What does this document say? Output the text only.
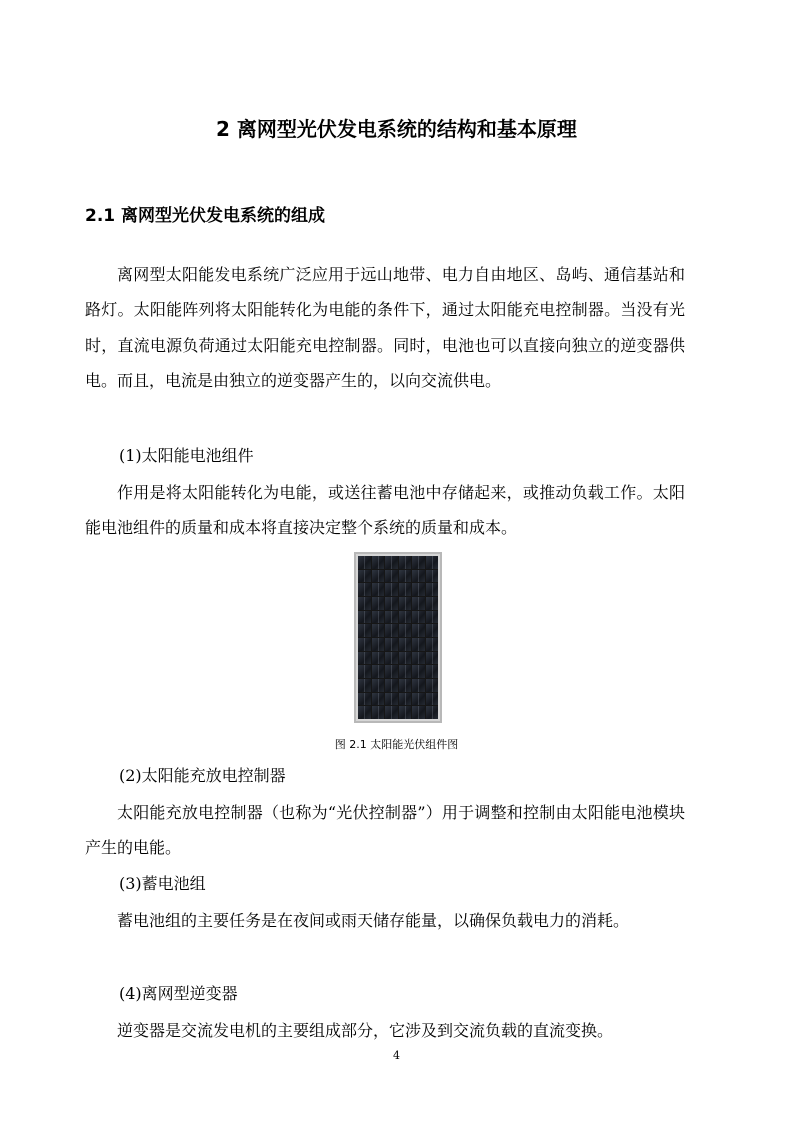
2 离网型光伏发电系统的结构和基本原理
2.1 离网型光伏发电系统的组成

离网型太阳能发电系统广泛应用于远山地带、电力自由地区、岛屿、通信基站和路灯。太阳能阵列将太阳能转化为电能的条件下，通过太阳能充电控制器。当没有光时，直流电源负荷通过太阳能充电控制器。同时，电池也可以直接向独立的逆变器供电。而且，电流是由独立的逆变器产生的，以向交流供电。

(1)太阳能电池组件

作用是将太阳能转化为电能，或送往蓄电池中存储起来，或推动负载工作。太阳能电池组件的质量和成本将直接决定整个系统的质量和成本。

图 2.1 太阳能光伏组件图

(2)太阳能充放电控制器

太阳能充放电控制器（也称为“光伏控制器”）用于调整和控制由太阳能电池模块产生的电能。

(3)蓄电池组

蓄电池组的主要任务是在夜间或雨天储存能量，以确保负载电力的消耗。

(4)离网型逆变器

逆变器是交流发电机的主要组成部分，它涉及到交流负载的直流变换。

4
